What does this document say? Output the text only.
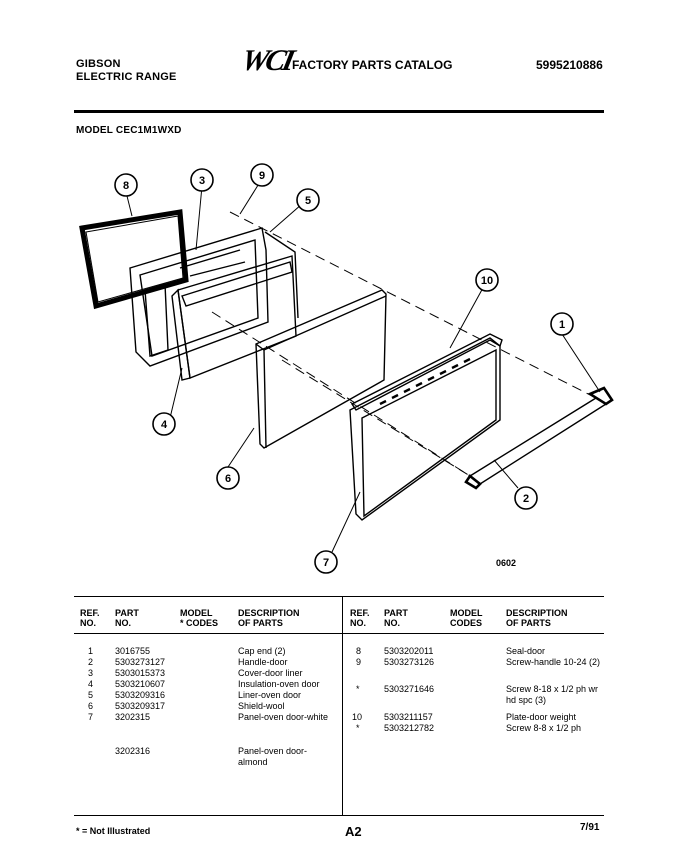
GIBSON
ELECTRIC RANGE WCI
FACTORY PARTS CATALOG	5995210886
MODEL CEC1M1WXD
1
2
3
4
5
8
7
6
9
10
0602
REF.
NO.
PART
NO.
MODEL
* CODES
DESCRIPTION
OF PARTS
REF.
NO.
PART
NO.
MODEL
CODES
DESCRIPTION
OF PARTS
1 3016755	Cap end (2)
2 5303273127	Handle-door
3 5303015373	Cover-door liner
4 5303210607	Insulation-oven door
5 5303209316	Liner-oven door
6 5303209317	Shield-wool
7 3202315	Panel-oven door-white
3202316	Panel-oven door-almond
8	5303202011	Seal-door
9	5303273126	Screw-handle 10-24 (2)
*	5303271646	Screw 8-18 x 1/2 ph wr hd spc (3)
10 5303211157	Plate-door weight
*	5303212782	Screw 8-8 x 1/2 ph
* = Not Illustrated	A2	7/91
